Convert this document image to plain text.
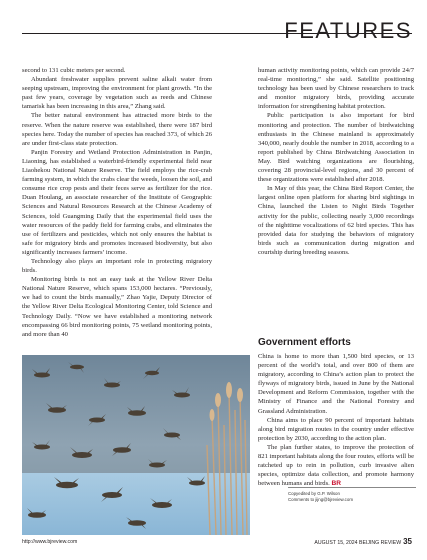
FEATURES

second to 131 cubic meters per second.

Abundant freshwater supplies prevent saline alkali water from seeping upstream, improving the environment for plant growth. “In the past few years, coverage by vegetation such as reeds and Chinese tamarisk has been increasing in this area,” Zhang said.

The better natural environment has attracted more birds to the reserve. When the nature reserve was established, there were 187 bird species here. Today the number of species has reached 373, of which 26 are under first-class state protection.

Panjin Forestry and Wetland Protection Administration in Panjin, Liaoning, has established a waterbird-friendly experimental field near Liaohekou National Nature Reserve. The field employs the rice-crab farming system, in which the crabs clear the weeds, loosen the soil, and consume rice crop pests and their feces serve as fertilizer for the rice. Duan Houlang, an associate researcher of the Institute of Geographic Sciences and Natural Resources Research at the Chinese Academy of Sciences, told Guangming Daily that the experimental field uses the water resources of the paddy field for farming crabs, and eliminates the use of fertilizers and pesticides, which not only ensures the habitat is safe for migratory birds and promotes increased biodiversity, but also significantly increases farmers’ income.

Technology also plays an important role in protecting migratory birds.

Monitoring birds is not an easy task at the Yellow River Delta National Nature Reserve, which spans 153,000 hectares. “Previously, we had to count the birds manually,” Zhao Yajie, Deputy Director of the Yellow River Delta Ecological Monitoring Center, told Science and Technology Daily. “Now we have established a monitoring network encompassing 66 bird monitoring points, 75 wetland monitoring points, and more than 40

human activity monitoring points, which can provide 24/7 real-time monitoring,” she said. Satellite positioning technology has been used by Chinese researchers to track and monitor migratory birds, providing accurate information for strengthening habitat protection.

Public participation is also important for bird monitoring and protection. The number of birdwatching enthusiasts in the Chinese mainland is approximately 340,000, nearly double the number in 2018, according to a report published by China Birdwatching Association in May. Bird watching organizations are flourishing, covering 28 provincial-level regions, and 30 percent of these organizations were established after 2018.

In May of this year, the China Bird Report Center, the largest online open platform for sharing bird sightings in China, launched the Listen to Night Birds Together activity for the public, collecting nearly 3,000 recordings of the nighttime vocalizations of 62 bird species. This has provided data for studying the behaviors of migratory birds such as communication during migration and courtship during breeding seasons.

Government efforts

China is home to more than 1,500 bird species, or 13 percent of the world’s total, and over 800 of them are migratory, according to China’s action plan to protect the flyways of migratory birds, issued in June by the National Development and Reform Commission, together with the Ministry of Finance and the National Forestry and Grassland Administration.

China aims to place 90 percent of important habitats along bird migration routes in the country under effective protection by 2030, according to the action plan.

The plan further states, to improve the protection of 821 important habitats along the four routes, efforts will be ratcheted up to rein in pollution, curb invasive alien species, optimize data collection, and promote harmony between humans and birds. BR

Copyedited by G.P. Wilson
Comments to jijng@bjreview.com
http://www.bjreview.com	AUGUST 15, 2024 BEIJING REVIEW 35
